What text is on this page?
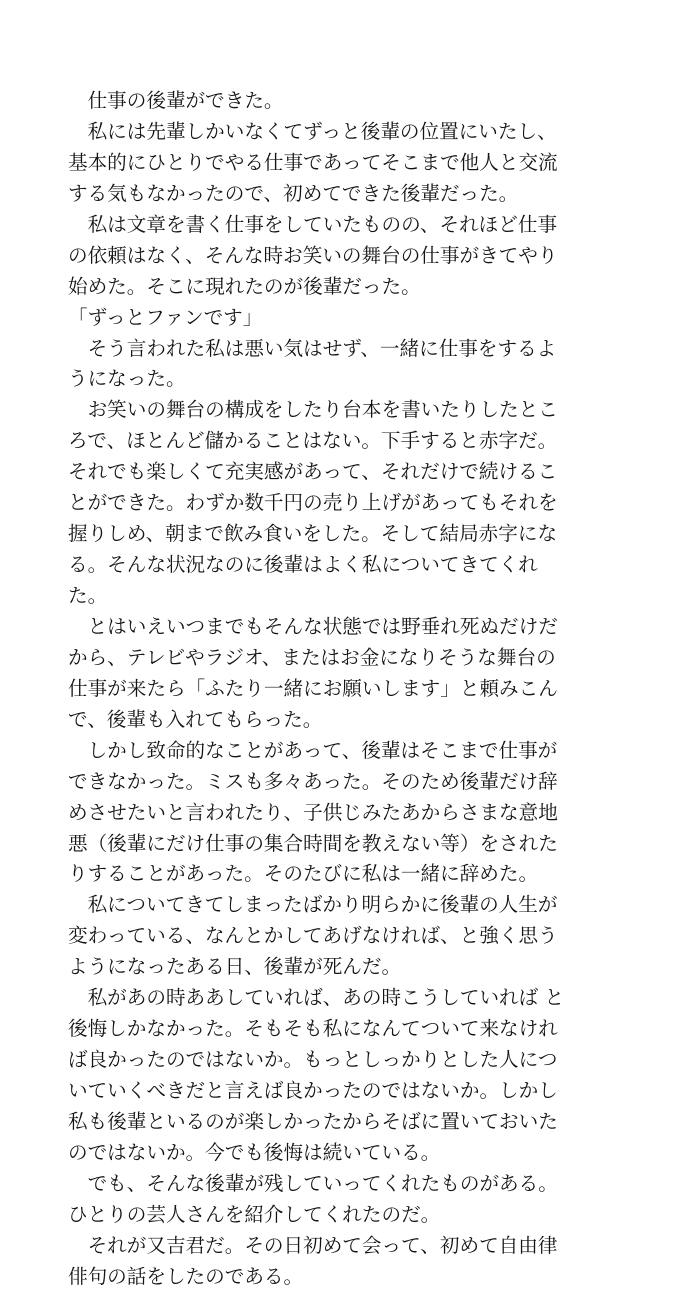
　仕事の後輩ができた。
　私には先輩しかいなくてずっと後輩の位置にいたし、
基本的にひとりでやる仕事であってそこまで他人と交流
する気もなかったので、初めてできた後輩だった。
　私は文章を書く仕事をしていたものの、それほど仕事
の依頼はなく、そんな時お笑いの舞台の仕事がきてやり
始めた。そこに現れたのが後輩だった。
「ずっとファンです」
　そう言われた私は悪い気はせず、一緒に仕事をするよ
うになった。
　お笑いの舞台の構成をしたり台本を書いたりしたとこ
ろで、ほとんど儲かることはない。下手すると赤字だ。
それでも楽しくて充実感があって、それだけで続けるこ
とができた。わずか数千円の売り上げがあってもそれを
握りしめ、朝まで飲み食いをした。そして結局赤字にな
る。そんな状況なのに後輩はよく私についてきてくれ
た。
　とはいえいつまでもそんな状態では野垂れ死ぬだけだ
から、テレビやラジオ、またはお金になりそうな舞台の
仕事が来たら「ふたり一緒にお願いします」と頼みこん
で、後輩も入れてもらった。
　しかし致命的なことがあって、後輩はそこまで仕事が
できなかった。ミスも多々あった。そのため後輩だけ辞
めさせたいと言われたり、子供じみたあからさまな意地
悪（後輩にだけ仕事の集合時間を教えない等）をされた
りすることがあった。そのたびに私は一緒に辞めた。
　私についてきてしまったばかり明らかに後輩の人生が
変わっている、なんとかしてあげなければ、と強く思う
ようになったある日、後輩が死んだ。
　私があの時ああしていれば、あの時こうしていれば と
後悔しかなかった。そもそも私になんてついて来なけれ
ば良かったのではないか。もっとしっかりとした人につ
いていくべきだと言えば良かったのではないか。しかし
私も後輩といるのが楽しかったからそばに置いておいた
のではないか。今でも後悔は続いている。
　でも、そんな後輩が残していってくれたものがある。
ひとりの芸人さんを紹介してくれたのだ。
　それが又吉君だ。その日初めて会って、初めて自由律
俳句の話をしたのである。
